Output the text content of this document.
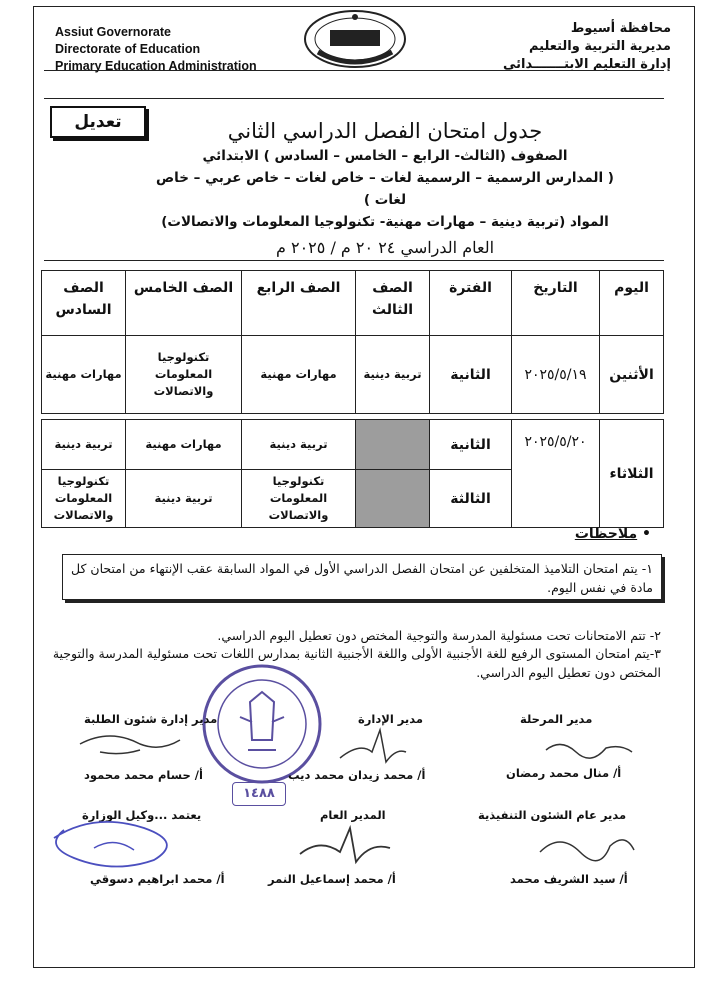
Assiut Governorate
Directorate of Education
Primary Education Administration
محافظة أسيوط
مديرية التربية والتعليم
إدارة التعليم الابتـــــــدائي
تعديل	جدول امتحان الفصل الدراسي الثاني
الصفوف (الثالث- الرابع – الخامس – السادس ) الابتدائي
( المدارس الرسمية – الرسمية لغات – خاص لغات – خاص عربي – خاص لغات )
المواد (تربية دينية – مهارات مهنية- تكنولوجيا المعلومات والاتصالات)
العام الدراسي ٢٤ ٢٠ م / ٢٠٢٥ م
اليوم	التاريخ	الفترة	الصف الثالث	الصف الرابع	الصف الخامس	الصف السادس
الأثنين	٢٠٢٥/٥/١٩	الثانية	تربية دينية	مهارات مهنية	تكنولوجيا المعلومات والاتصالات	مهارات مهنية

الثلاثاء	٢٠٢٥/٥/٢٠	الثانية		تربية دينية	مهارات مهنية	تربية دينية
		الثالثة		تكنولوجيا المعلومات والاتصالات	تربية دينية	تكنولوجيا المعلومات والاتصالات
• ملاحظات
١- يتم امتحان التلاميذ المتخلفين عن امتحان الفصل الدراسي الأول في المواد السابقة عقب الإنتهاء من امتحان كل مادة في نفس اليوم.
٢- تتم الامتحانات تحت مسئولية المدرسة والتوجية المختص دون تعطيل اليوم الدراسي.
٣-يتم امتحان المستوى الرفيع للغة الأجنبية الأولى واللغة الأجنبية الثانية بمدارس اللغات تحت مسئولية المدرسة والتوجية المختص دون تعطيل اليوم الدراسي.
١٤٨٨
مدير المرحلة
أ/ منال محمد رمضان
مدير الإدارة
أ/ محمد زيدان محمد ديب
مدير إدارة شئون الطلبة
أ/ حسام محمد محمود
مدير عام الشئون التنفيذية
أ/ سيد الشريف محمد
المدير العام
أ/ محمد إسماعيل النمر
يعتمد ...وكيل الوزارة
أ/ محمد ابراهيم دسوقي
